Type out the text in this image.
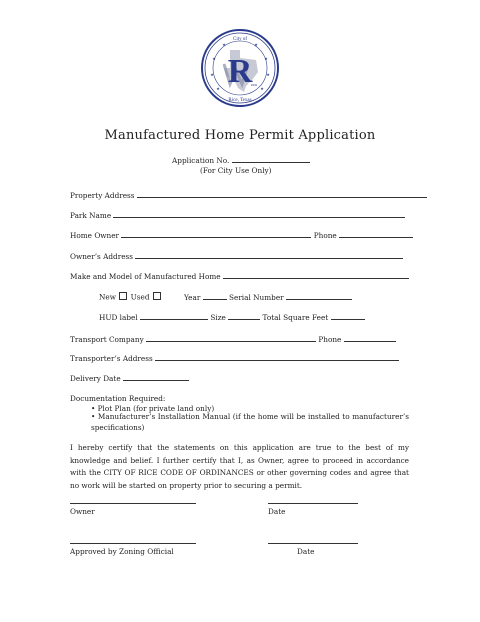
★	★
★	★
★	★
★	★
R
City of
Rice, Texas
RICE
Manufactured Home Permit Application
Application No.
(For City Use Only)
Property Address
Park Name
Home Owner	Phone
Owner’s Address
Make and Model of Manufactured Home
New Used	Year	Serial Number
HUD label	Size	Total Square Feet
Transport Company	Phone
Transporter’s Address
Delivery Date
Documentation Required:
• Plot Plan (for private land only)
• Manufacturer’s Installation Manual (if the home will be installed to manufacturer’s specifications)
I hereby certify that the statements on this application are true to the best of my knowledge and belief. I further certify that I, as Owner, agree to proceed in accordance with the CITY OF RICE CODE OF ORDINANCES or other governing codes and agree that no work will be started on property prior to securing a permit.
Owner	Date
Approved by Zoning Official	Date
